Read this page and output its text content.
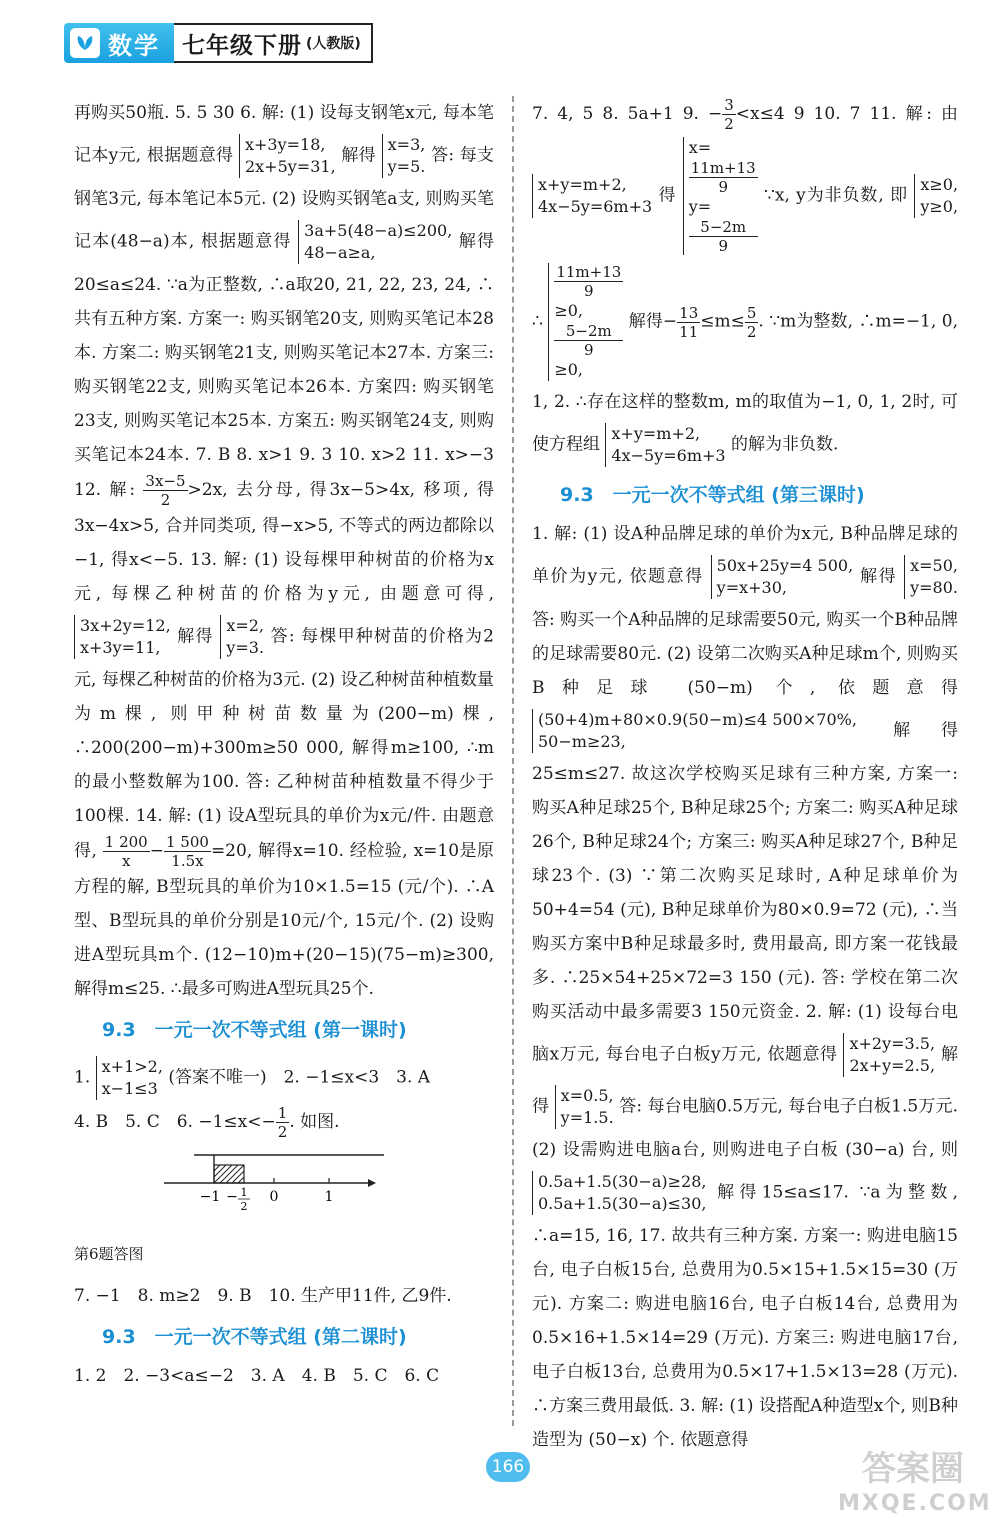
数学 七年级下册 (人教版)

再购买50瓶. 5. 5 30 6. 解: (1) 设每支钢笔x元, 每本笔记本y元, 根据题意得
x+3y=18,
2x+5y=31,
解得
x=3,
y=5.
答: 每支钢笔3元, 每本笔记本5元. (2) 设购买钢笔a支, 则购买笔记本(48−a)本, 根据题意得
3a+5(48−a)≤200,
48−a≥a,
解得20≤a≤24. ∵a为正整数, ∴a取20, 21, 22, 23, 24, ∴共有五种方案. 方案一: 购买钢笔20支, 则购买笔记本28本. 方案二: 购买钢笔21支, 则购买笔记本27本. 方案三: 购买钢笔22支, 则购买笔记本26本. 方案四: 购买钢笔23支, 则购买笔记本25本. 方案五: 购买钢笔24支, 则购买笔记本24本. 7. B 8. x>1 9. 3 10. x>2 11. x>−3 12. 解: $\frac{3x-5}{2} >2x$, 去分母, 得3x−5>4x, 移项, 得3x−4x>5, 合并同类项, 得−x>5, 不等式的两边都除以−1, 得x<−5. 13. 解: (1) 设每棵甲种树苗的价格为x元, 每棵乙种树苗的价格为y元, 由题意可得,
3x+2y=12,
x+3y=11,
解得
x=2,
y=3.
答: 每棵甲种树苗的价格为2元, 每棵乙种树苗的价格为3元. (2) 设乙种树苗种植数量为m棵, 则甲种树苗数量为(200−m)棵, ∴200(200−m)+300m≥50 000, 解得m≥100, ∴m的最小整数解为100. 答: 乙种树苗种植数量不得少于100棵. 14. 解: (1) 设A型玩具的单价为x元/件. 由题意得, $\frac{1 200}{x} - \frac{1 500}{1.5x} =20$, 解得x=10. 经检验, x=10是原方程的解, B型玩具的单价为10×1.5=15 (元/个). ∴A型、B型玩具的单价分别是10元/个, 15元/个. (2) 设购进A型玩具m个. (12−10)m+(20−15)(75−m)≥300, 解得m≤25. ∴最多可购进A型玩具25个.

9.3　一元一次不等式组 (第一课时)

1.
x+1>2,
x−1≤3
(答案不唯一)　2. −1≤x<3　3. A
4. B　5. C　6. $-1\le x<- \frac{1}{2}$ . 如图.

−1 − 1
2
0	1

第6题答图

7. −1　8. m≥2　9. B　10. 生产甲11件, 乙9件.

9.3　一元一次不等式组 (第二课时)

1. 2　2. −3<a≤−2　3. A　4. B　5. C　6. C

7. 4, 5 8. 5a+1 9. − $\frac{3}{2} <x\le 4$ 9 10. 7 11. 解: 由
x+y=m+2,
4x−5y=6m+3
得
x=
11m+13
9
y=
5−2m
9
∵x, y为非负数, 即
x≥0,
y≥0,
∴
11m+13
9
≥0,
5−2m
9
≥0,
解得− $\frac{13}{11} \le m\le \frac{5}{2}$ . ∵m为整数, ∴m=−1, 0, 1, 2. ∴存在这样的整数m, m的取值为−1, 0, 1, 2时, 可使方程组
x+y=m+2,
4x−5y=6m+3
的解为非负数.

9.3　一元一次不等式组 (第三课时)

1. 解: (1) 设A种品牌足球的单价为x元, B种品牌足球的单价为y元, 依题意得
50x+25y=4 500,
y=x+30,
解得
x=50,
y=80.
答: 购买一个A种品牌的足球需要50元, 购买一个B种品牌的足球需要80元. (2) 设第二次购买A种足球m个, 则购买B种足球 (50−m) 个, 依题意得
(50+4)m+80×0.9(50−m)≤4 500×70%,
50−m≥23,
解得25≤m≤27. 故这次学校购买足球有三种方案, 方案一: 购买A种足球25个, B种足球25个; 方案二: 购买A种足球26个, B种足球24个; 方案三: 购买A种足球27个, B种足球23个. (3) ∵第二次购买足球时, A种足球单价为50+4=54 (元), B种足球单价为80×0.9=72 (元), ∴当购买方案中B种足球最多时, 费用最高, 即方案一花钱最多. ∴25×54+25×72=3 150 (元). 答: 学校在第二次购买活动中最多需要3 150元资金. 2. 解: (1) 设每台电脑x万元, 每台电子白板y万元, 依题意得
x+2y=3.5,
2x+y=2.5,
解得
x=0.5,
y=1.5.
答: 每台电脑0.5万元, 每台电子白板1.5万元. (2) 设需购进电脑a台, 则购进电子白板 (30−a) 台, 则
0.5a+1.5(30−a)≥28,
0.5a+1.5(30−a)≤30,
解得15≤a≤17. ∵a为整数, ∴a=15, 16, 17. 故共有三种方案. 方案一: 购进电脑15台, 电子白板15台, 总费用为0.5×15+1.5×15=30 (万元). 方案二: 购进电脑16台, 电子白板14台, 总费用为0.5×16+1.5×14=29 (万元). 方案三: 购进电脑17台, 电子白板13台, 总费用为0.5×17+1.5×13=28 (万元). ∴方案三费用最低. 3. 解: (1) 设搭配A种造型x个, 则B种造型为 (50−x) 个. 依题意得

166	答案圈
MXQE.COM
